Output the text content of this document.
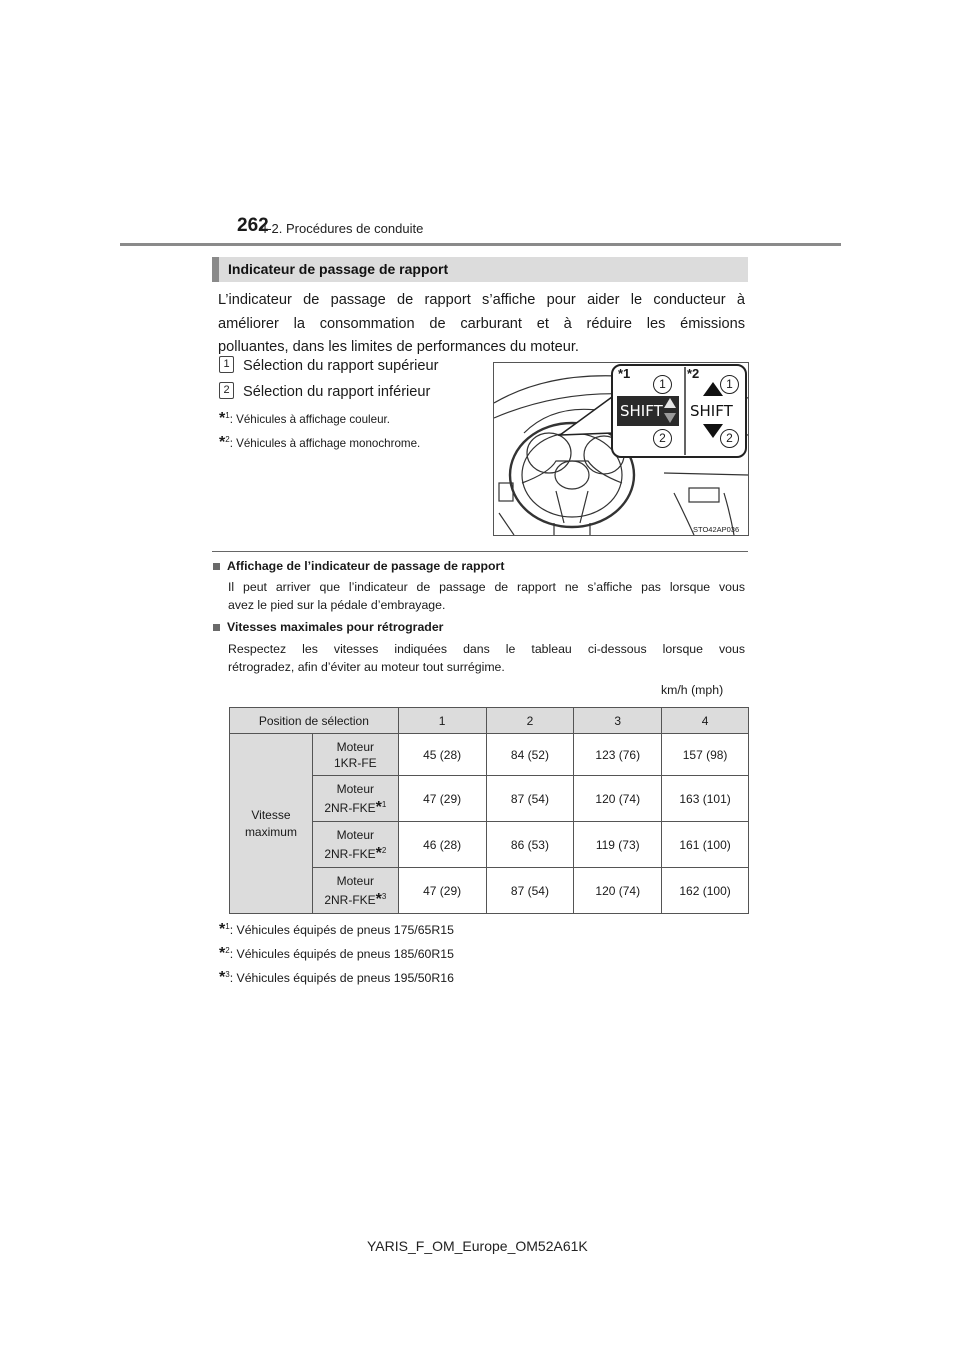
262
4-2. Procédures de conduite
Indicateur de passage de rapport
L’indicateur de passage de rapport s’affiche pour aider le conducteur à
améliorer la consommation de carburant et à réduire les émissions
polluantes, dans les limites de performances du moteur.
1 Sélection du rapport supérieur
2 Sélection du rapport inférieur
*$^1$: Véhicules à affichage couleur.
*$^2$: Véhicules à affichage monochrome.
*1	*2
SHIFT SHIFT
1	1
2	2
STO42AP036
Affichage de l’indicateur de passage de rapport
Il peut arriver que l’indicateur de passage de rapport ne s’affiche pas lorsque vous
avez le pied sur la pédale d’embrayage.
Vitesses maximales pour rétrograder
Respectez les vitesses indiquées dans le tableau ci-dessous lorsque vous
rétrogradez, afin d’éviter au moteur tout surrégime.
km/h (mph)
Position de sélection		1	2	3	4

Vitesse
maximum	Moteur
1KR-FE	45 (28)	84 (52)	123 (76)	157 (98)

	Moteur
2NR-FKE*$^1$	47 (29)	87 (54)	120 (74)	163 (101)

	Moteur
2NR-FKE*$^2$	46 (28)	86 (53)	119 (73)	161 (100)

	Moteur
2NR-FKE*$^3$	47 (29)	87 (54)	120 (74)	162 (100)
*$^1$: Véhicules équipés de pneus 175/65R15
*$^2$: Véhicules équipés de pneus 185/60R15
*$^3$: Véhicules équipés de pneus 195/50R16
YARIS_F_OM_Europe_OM52A61K
